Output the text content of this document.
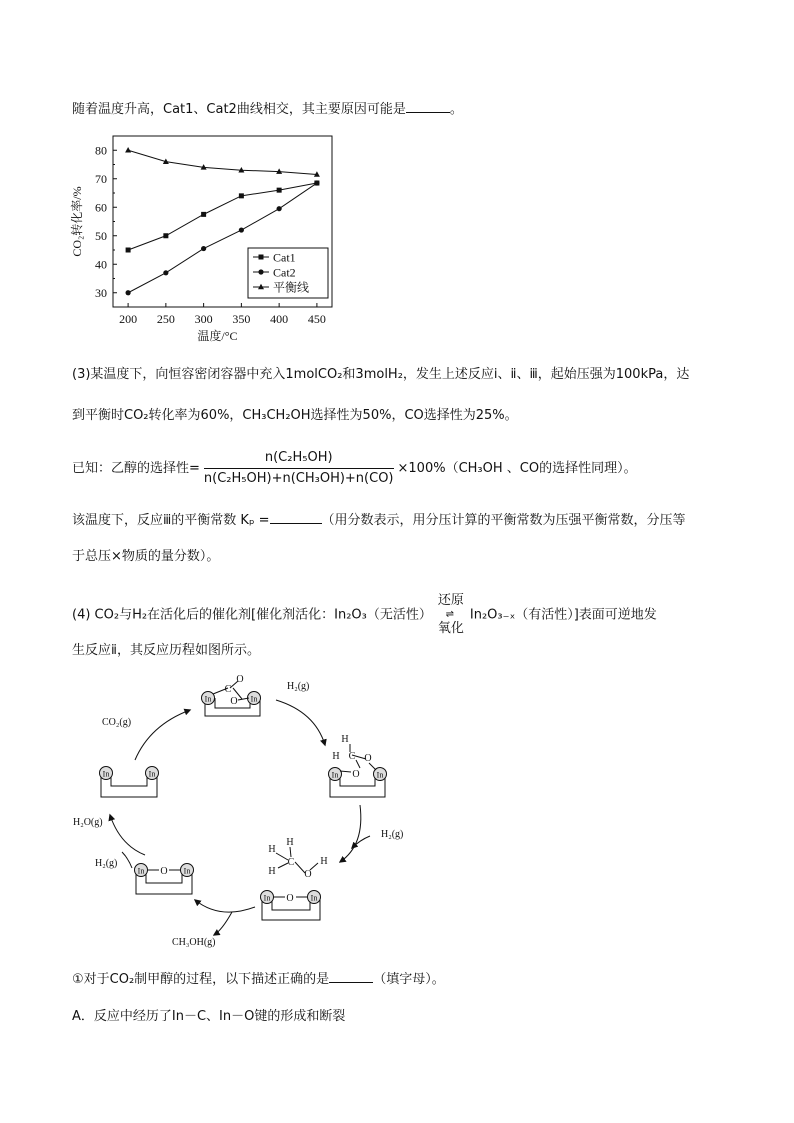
随着温度升高，Cat1、Cat2曲线相交，其主要原因可能是	。
200 250 300 350 400 450
30
40
50
60
70
80
温度/°C
CO₂转化率/%
Cat1
Cat2
平衡线
(3)某温度下，向恒容密闭容器中充入1molCO₂和3molH₂，发生上述反应ⅰ、ⅱ、ⅲ，起始压强为100kPa，达
到平衡时CO₂转化率为60%，CH₃CH₂OH选择性为50%，CO选择性为25%。
已知：乙醇的选择性= $\frac{\text{n(C₂H₅OH)}}{\text{n(C₂H₅OH)+n(CH₃OH)+n(CO)}} \times 100\%(CH_3OH$ 、CO的选择性同理）。
该温度下，反应ⅲ的平衡常数 Kₚ =	（用分数表示，用分压计算的平衡常数为压强平衡常数，分压等
于总压×物质的量分数）。
(4) CO₂与H₂在活化后的催化剂[催化剂活化：In₂O₃（无活性）还原
⇌
氧化In₂O₃₋ₓ（有活性）]表面可逆地发
生反应ⅱ，其反应历程如图所示。
In	In
C
O
O
In	In
H
H C O
O
In	In
O
H
H
H
C
O
H
In	In
O
In	In
CO₂(g)
H₂(g)
H₂(g)
H₂(g)
H₂O(g)
CH₃OH(g)
①对于CO₂制甲醇的过程，以下描述正确的是	（填字母）。
A．反应中经历了In－C、In－O键的形成和断裂
